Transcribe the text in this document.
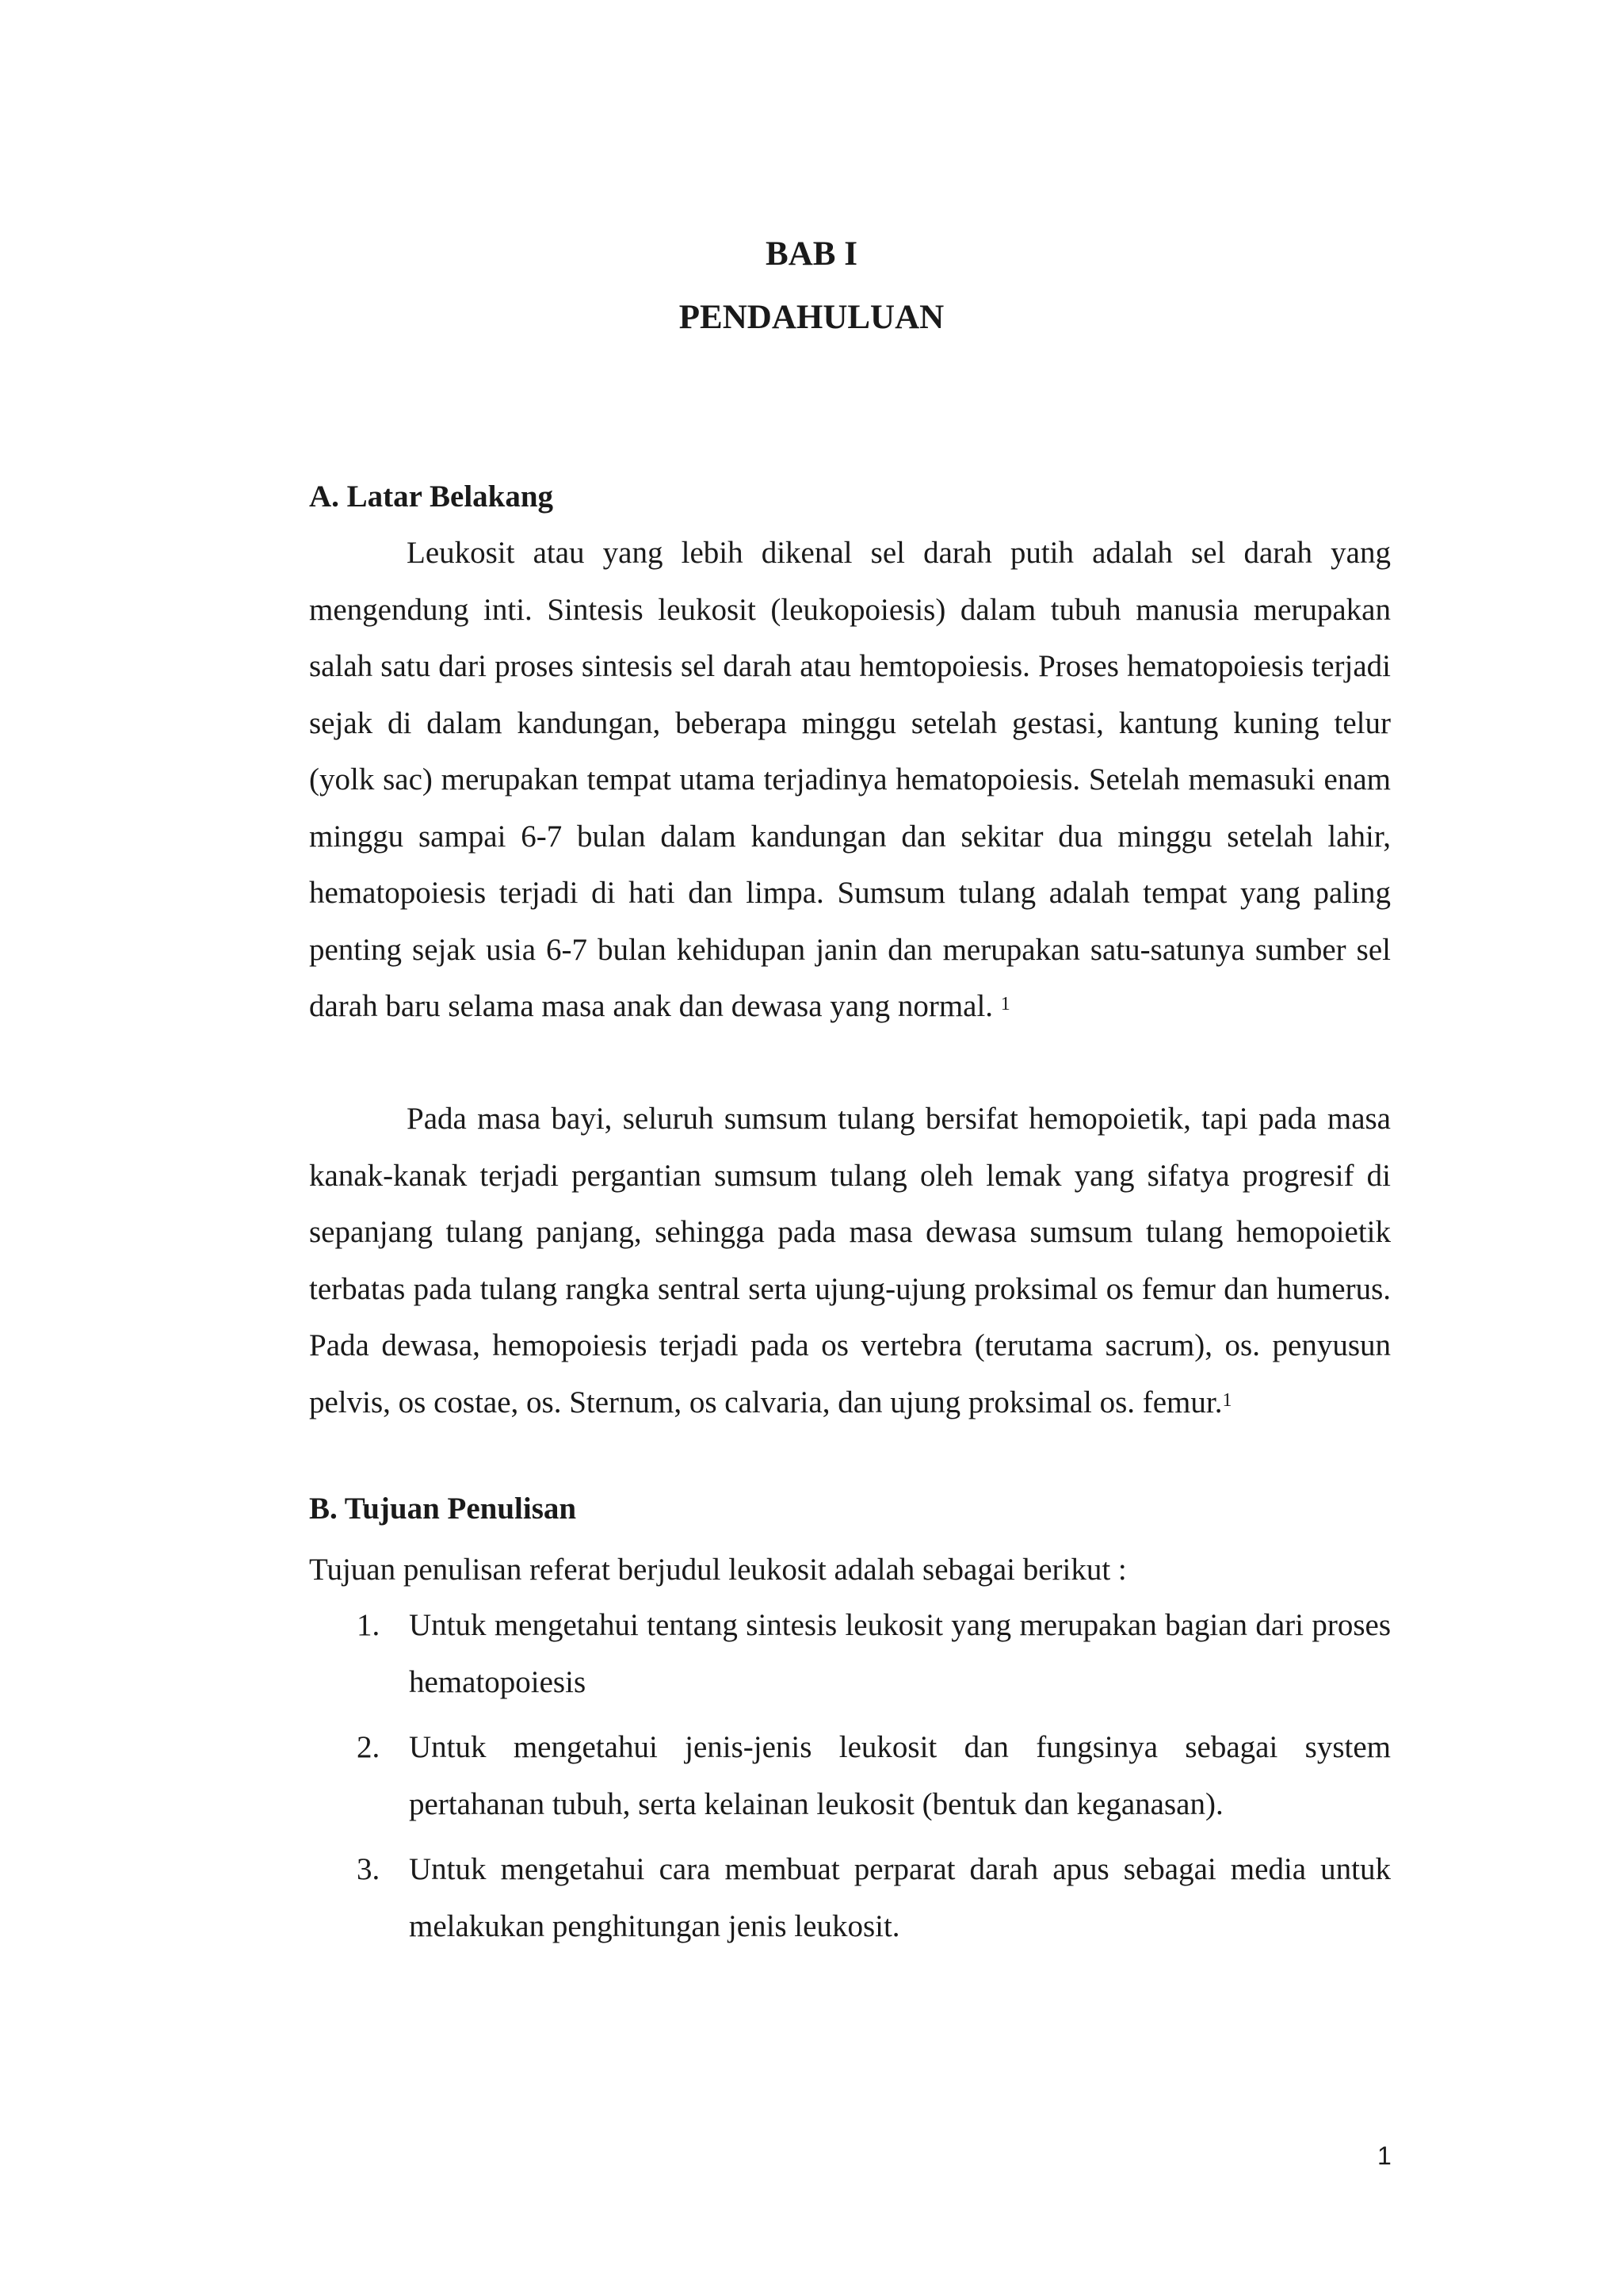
BAB I
PENDAHULUAN
A. Latar Belakang

Leukosit atau yang lebih dikenal sel darah putih adalah sel darah yang mengendung inti. Sintesis leukosit (leukopoiesis) dalam tubuh manusia merupakan salah satu dari proses sintesis sel darah atau hemtopoiesis. Proses hematopoiesis terjadi sejak di dalam kandungan, beberapa minggu setelah gestasi, kantung kuning telur (yolk sac) merupakan tempat utama terjadinya hematopoiesis. Setelah memasuki enam minggu sampai 6-7 bulan dalam kandungan dan sekitar dua minggu setelah lahir, hematopoiesis terjadi di hati dan limpa. Sumsum tulang adalah tempat yang paling penting sejak usia 6-7 bulan kehidupan janin dan merupakan satu-satunya sumber sel darah baru selama masa anak dan dewasa yang normal. $^1$

Pada masa bayi, seluruh sumsum tulang bersifat hemopoietik, tapi pada masa kanak-kanak terjadi pergantian sumsum tulang oleh lemak yang sifatya progresif di sepanjang tulang panjang, sehingga pada masa dewasa sumsum tulang hemopoietik terbatas pada tulang rangka sentral serta ujung-ujung proksimal os femur dan humerus. Pada dewasa, hemopoiesis terjadi pada os vertebra (terutama sacrum), os. penyusun pelvis, os costae, os. Sternum, os calvaria, dan ujung proksimal os. femur.$^1$

B. Tujuan Penulisan

Tujuan penulisan referat berjudul leukosit adalah sebagai berikut :

1. Untuk mengetahui tentang sintesis leukosit yang merupakan bagian dari proses hematopoiesis

2. Untuk mengetahui jenis-jenis leukosit dan fungsinya sebagai system pertahanan tubuh, serta kelainan leukosit (bentuk dan keganasan).

3. Untuk mengetahui cara membuat perparat darah apus sebagai media untuk melakukan penghitungan jenis leukosit.

1
